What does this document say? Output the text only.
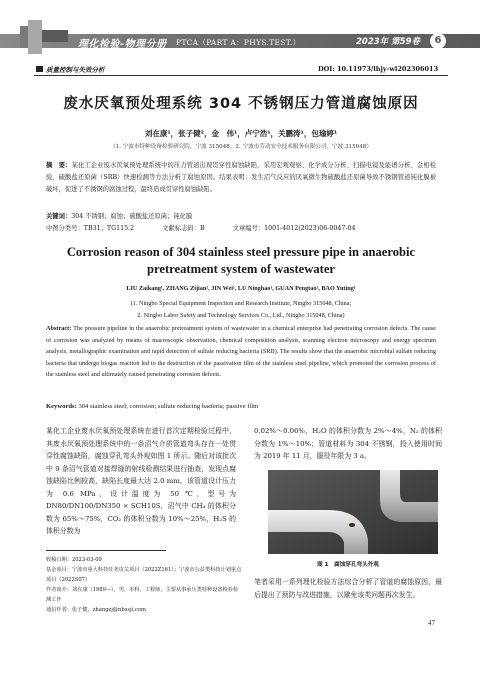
理化检验-物理分册 PTCA（PART A：PHYS.TEST.）	2023年 第59卷	6
质量控制与失效分析	DOI: 10.11973/lhjy-wl202306013
废水厌氧预处理系统 304 不锈钢压力管道腐蚀原因
刘在康¹，张子健²，金　伟¹，卢宁浩¹，关鹏涛¹，包瑜婷¹
（1. 宁波市特种设备检验研究院，宁波 315048；2. 宁波市劳动安全技术服务有限公司，宁波 315048）
摘　要：某化工企业废水厌氧预处理系统中的压力管道出现贯穿性腐蚀缺陷，采用宏观观察、化学成分分析、扫描电镜及能谱分析、金相检验、硫酸盐还原菌（SRB）快速检测等方法分析了腐蚀原因。结果表明：发生沼气反应的厌氧微生物硫酸盐还原菌导致不锈钢管道钝化膜被破坏，促进了不锈钢的腐蚀过程，最终造成贯穿性腐蚀缺陷。
关键词：304 不锈钢；腐蚀；硫酸盐还原菌；钝化膜
中图分类号：TB31；TG115.2	文献标志码：B	文章编号：1001-4012(2023)06-0047-04
Corrosion reason of 304 stainless steel pressure pipe in anaerobic pretreatment system of wastewater
LIU Zaikang¹, ZHANG Zijian², JIN Wei¹, LU Ninghao¹, GUAN Pengtao¹, BAO Yuting¹
(1. Ningbo Special Equipment Inspection and Research Institute, Ningbo 315048, China;
2. Ningbo Labor Safety and Technology Services Co., Ltd., Ningbo 315048, China)
Abstract: The pressure pipeline in the anaerobic pretreatment system of wastewater in a chemical enterprise had penetrating corrosion defects. The cause of corrosion was analyzed by means of macroscopic observation, chemical composition analysis, scanning electron microscopy and energy spectrum analysis, metallographic examination and rapid detection of sulfate reducing bacteria (SRB). The results show that the anaerobic microbial sulfate reducing bacteria that undergo biogas reaction led to the destruction of the passivation film of the stainless steel pipeline, which promoted the corrosion process of the stainless steel and ultimately caused penetrating corrosion defects.
Keywords: 304 stainless steel; corrosion; sulfate reducing bacteria; passive film
某化工企业废水厌氧预处理系统在进行首次定期检验过程中，其废水厌氧预处理系统中的一条沼气介质管道弯头存在一处贯穿性腐蚀缺陷，腐蚀穿孔弯头外观如图 1 所示。随后对该批次中 9 条沼气管道对接焊缝的射线检测结果进行抽查，发现点腐蚀缺陷比例较高，缺陷长度最大达 2.0 mm。该管道设计压力为 0.6 MPa，设计温度为 50 ℃，型号为 DN80/DN100/DN350 × SCH10S，沼气中 CH₄ 的体积分数为 65%～75%，CO₂ 的体积分数为 10%～25%，H₂S 的体积分数为
0.02%～0.06%，H₂O 的体积分数为 2%～4%，N₂ 的体积分数为 1%～10%；管道材料为 304 不锈钢，投入使用时间为 2019 年 11 月，服役年限为 3 a。
图 1　腐蚀穿孔弯头外观
笔者采用一系列理化检验方法综合分析了管道的腐蚀原因，最后提出了预防与改进措施，以避免该类问题再次发生。
收稿日期：2023-03-09
基金项目：宁波市重大科技任务攻关项目（2022Z161）；宁波市公益类科技计划重点项目（2022S07）
作者简介：刘在康（1989—），男，本科，工程师，主要从事承压类特种设备检验检测工作
通信作者：张子健，zhangzj@nbssji.com
47
